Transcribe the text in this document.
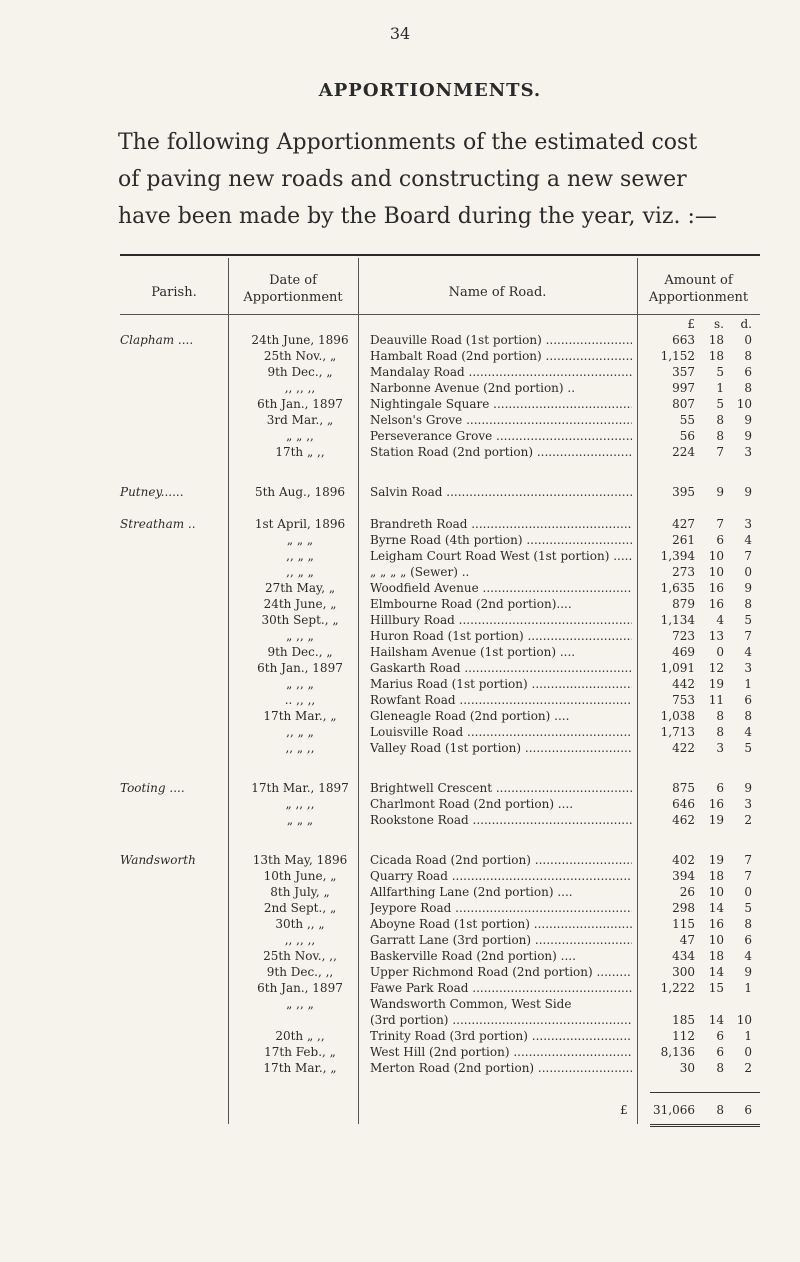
34
APPORTIONMENTS.

The following Apportionments of the estimated cost

of paving new roads and constructing a new sewer

have been made by the Board during the year, viz. :—

Parish.
Date of
Apportionment	Name of Road.
Amount of
Apportionment
£	s.	d.
Clapham ....	24th June, 1896	Deauville Road (1st portion) .....	663	18	0
25th Nov., „	Hambalt Road (2nd portion) .....	1,152	18	8
9th Dec., „	Mandalay Road .....	357	5	6
,, ,, ,,	Narbonne Avenue (2nd portion) ..	997	1	8
6th Jan., 1897	Nightingale Square .....	807	5	10
3rd Mar., „	Nelson's Grove .....	55	8	9
„ „ ,,	Perseverance Grove .....	56	8	9
17th „ ,,	Station Road (2nd portion) .....	224	7	3
Putney......	5th Aug., 1896	Salvin Road .....	395	9	9
Streatham ..	1st April, 1896	Brandreth Road .....	427	7	3
„ „ „	Byrne Road (4th portion) .....	261	6	4
,, „ „	Leigham Court Road West (1st portion) .....	1,394	10	7
,, „ „	„ „ „ „ (Sewer) ..	273	10	0
27th May, „	Woodfield Avenue .....	1,635	16	9
24th June, „	Elmbourne Road (2nd portion)....	879	16	8
30th Sept., „	Hillbury Road .....	1,134	4	5
„ ,, „	Huron Road (1st portion) .....	723	13	7
9th Dec., „	Hailsham Avenue (1st portion) ....	469	0	4
6th Jan., 1897	Gaskarth Road .....	1,091	12	3
„ ,, „	Marius Road (1st portion) .....	442	19	1
.. ,, ,,	Rowfant Road .....	753	11	6
17th Mar., „	Gleneagle Road (2nd portion) ....	1,038	8	8
,, „ „	Louisville Road .....	1,713	8	4
,, „ ,,	Valley Road (1st portion) .....	422	3	5
Tooting ....	17th Mar., 1897	Brightwell Crescent .....	875	6	9
„ ,, ,,	Charlmont Road (2nd portion) ....	646	16	3
„ „ „	Rookstone Road .....	462	19	2
Wandsworth	13th May, 1896	Cicada Road (2nd portion) .....	402	19	7
10th June, „	Quarry Road .....	394	18	7
8th July, „	Allfarthing Lane (2nd portion) ....	26	10	0
2nd Sept., „	Jeypore Road .....	298	14	5
30th ,, „	Aboyne Road (1st portion) .....	115	16	8
,, ,, ,,	Garratt Lane (3rd portion) .....	47	10	6
25th Nov., ,,	Baskerville Road (2nd portion) ....	434	18	4
9th Dec., ,,	Upper Richmond Road (2nd portion) .....	300	14	9
6th Jan., 1897	Fawe Park Road .....	1,222	15	1
„ ,, „	Wandsworth Common, West Side
(3rd portion) .....	185	14	10
20th „ ,,	Trinity Road (3rd portion) .....	112	6	1
17th Feb., „	West Hill (2nd portion) .....	8,136	6	0
17th Mar., „	Merton Road (2nd portion) .....	30	8	2
£	31,066	8	6
